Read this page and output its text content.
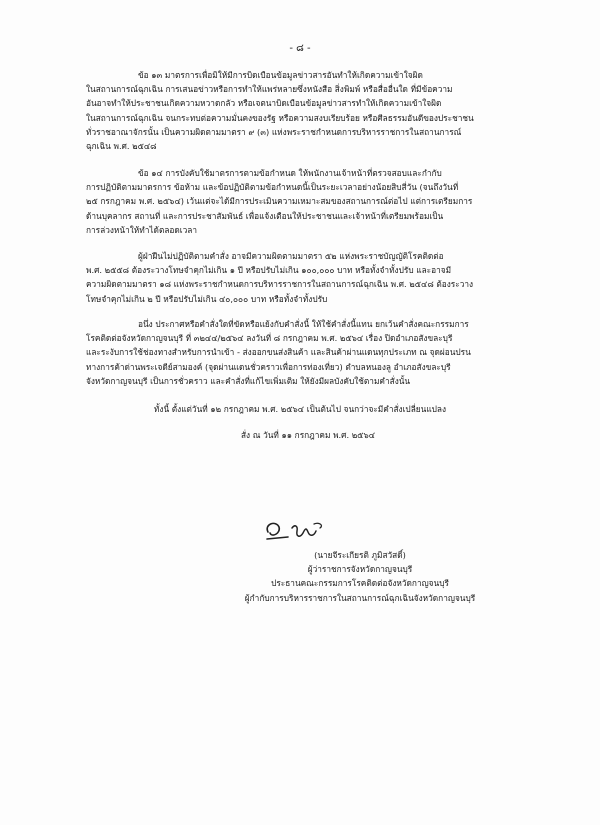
- ๘ -
ข้อ ๑๓ มาตรการเพื่อมิให้มีการบิดเบือนข้อมูลข่าวสารอันทำให้เกิดความเข้าใจผิด
ในสถานการณ์ฉุกเฉิน การเสนอข่าวหรือการทำให้แพร่หลายซึ่งหนังสือ สิ่งพิมพ์ หรือสื่ออื่นใด ที่มีข้อความ
อันอาจทำให้ประชาชนเกิดความหวาดกลัว หรือเจตนาบิดเบือนข้อมูลข่าวสารทำให้เกิดความเข้าใจผิด
ในสถานการณ์ฉุกเฉิน จนกระทบต่อความมั่นคงของรัฐ หรือความสงบเรียบร้อย หรือศีลธรรมอันดีของประชาชน
ทั่วราชอาณาจักรนั้น เป็นความผิดตามมาตรา ๙ (๓) แห่งพระราชกำหนดการบริหารราชการในสถานการณ์
ฉุกเฉิน พ.ศ. ๒๕๔๘
ข้อ ๑๔ การบังคับใช้มาตรการตามข้อกำหนด ให้พนักงานเจ้าหน้าที่ตรวจสอบและกำกับ
การปฏิบัติตามมาตรการ ข้อห้าม และข้อปฏิบัติตามข้อกำหนดนี้เป็นระยะเวลาอย่างน้อยสิบสี่วัน (จนถึงวันที่
๒๕ กรกฎาคม พ.ศ. ๒๕๖๔) เว้นแต่จะได้มีการประเมินความเหมาะสมของสถานการณ์ต่อไป แต่การเตรียมการ
ด้านบุคลากร สถานที่ และการประชาสัมพันธ์ เพื่อแจ้งเตือนให้ประชาชนและเจ้าหน้าที่เตรียมพร้อมเป็น
การล่วงหน้าให้ทำได้ตลอดเวลา
ผู้ฝ่าฝืนไม่ปฏิบัติตามคำสั่ง อาจมีความผิดตามมาตรา ๕๒ แห่งพระราชบัญญัติโรคติดต่อ
พ.ศ. ๒๕๕๘ ต้องระวางโทษจำคุกไม่เกิน ๑ ปี หรือปรับไม่เกิน ๑๐๐,๐๐๐ บาท หรือทั้งจำทั้งปรับ และอาจมี
ความผิดตามมาตรา ๑๘ แห่งพระราชกำหนดการบริหารราชการในสถานการณ์ฉุกเฉิน พ.ศ. ๒๕๔๘ ต้องระวาง
โทษจำคุกไม่เกิน ๒ ปี หรือปรับไม่เกิน ๔๐,๐๐๐ บาท หรือทั้งจำทั้งปรับ
อนึ่ง ประกาศหรือคำสั่งใดที่ขัดหรือแย้งกับคำสั่งนี้ ให้ใช้คำสั่งนี้แทน ยกเว้นคำสั่งคณะกรรมการ
โรคติดต่อจังหวัดกาญจนบุรี ที่ ๓๒๔๔/๒๕๖๔ ลงวันที่ ๘ กรกฎาคม พ.ศ. ๒๕๖๔ เรื่อง ปิดอำเภอสังขละบุรี
และระงับการใช้ช่องทางสำหรับการนำเข้า - ส่งออกขนส่งสินค้า และสินค้าผ่านแดนทุกประเภท ณ จุดผ่อนปรน
ทางการค้าด่านพระเจดีย์สามองค์ (จุดผ่านแดนชั่วคราวเพื่อการท่องเที่ยว) ตำบลหนองลู อำเภอสังขละบุรี
จังหวัดกาญจนบุรี เป็นการชั่วคราว และคำสั่งที่แก้ไขเพิ่มเติม ให้ยังมีผลบังคับใช้ตามคำสั่งนั้น
ทั้งนี้ ตั้งแต่วันที่ ๑๒ กรกฎาคม พ.ศ. ๒๕๖๔ เป็นต้นไป จนกว่าจะมีคำสั่งเปลี่ยนแปลง
สั่ง ณ วันที่ ๑๑ กรกฎาคม พ.ศ. ๒๕๖๔
(นายจีระเกียรติ ภูมิสวัสดิ์)
ผู้ว่าราชการจังหวัดกาญจนบุรี
ประธานคณะกรรมการโรคติดต่อจังหวัดกาญจนบุรี
ผู้กำกับการบริหารราชการในสถานการณ์ฉุกเฉินจังหวัดกาญจนบุรี
